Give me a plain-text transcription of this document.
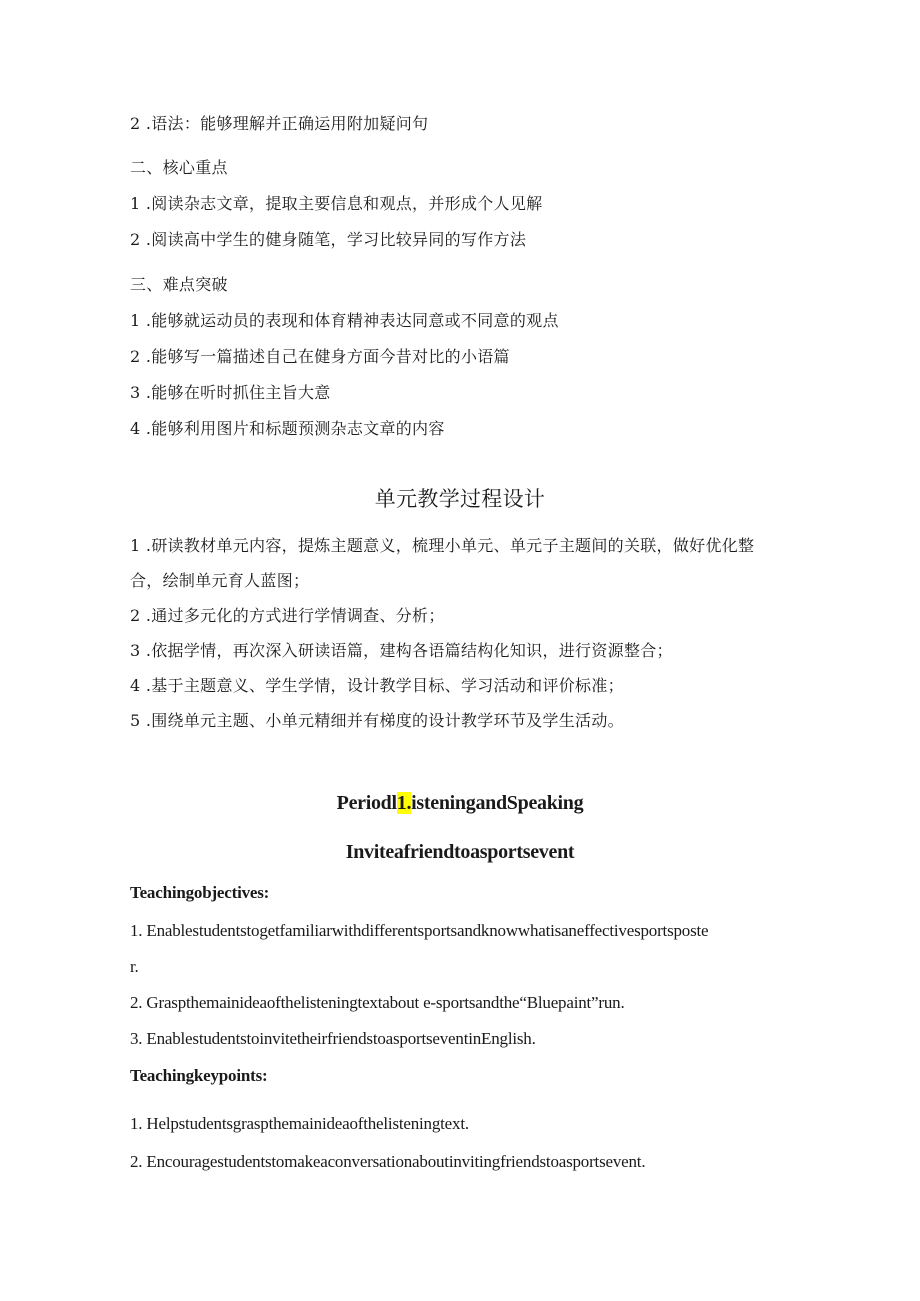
2 .语法：能够理解并正确运用附加疑问句
二、核心重点
1 .阅读杂志文章，提取主要信息和观点，并形成个人见解
2 .阅读高中学生的健身随笔，学习比较异同的写作方法
三、难点突破
1 .能够就运动员的表现和体育精神表达同意或不同意的观点
2 .能够写一篇描述自己在健身方面今昔对比的小语篇
3 .能够在听时抓住主旨大意
4 .能够利用图片和标题预测杂志文章的内容
单元教学过程设计
1 .研读教材单元内容，提炼主题意义，梳理小单元、单元子主题间的关联，做好优化整
合，绘制单元育人蓝图；
2 .通过多元化的方式进行学情调查、分析；
3 .依据学情，再次深入研读语篇，建构各语篇结构化知识，进行资源整合；
4 .基于主题意义、学生学情，设计教学目标、学习活动和评价标准；
5 .围绕单元主题、小单元精细并有梯度的设计教学环节及学生活动。
Periodl1.isteningandSpeaking
Inviteafriendtoasportsevent
Teachingobjectives:
1. Enablestudentstogetfamiliarwithdifferentsportsandknowwhatisaneffectivesportsposte
r.
2. Graspthemainideaofthelisteningtextabout e-sportsandthe“Bluepaint”run.
3. EnablestudentstoinvitetheirfriendstoasportseventinEnglish.
Teachingkeypoints:
1. Helpstudentsgraspthemainideaofthelisteningtext.
2. Encouragestudentstomakeaconversationaboutinvitingfriendstoasportsevent.
